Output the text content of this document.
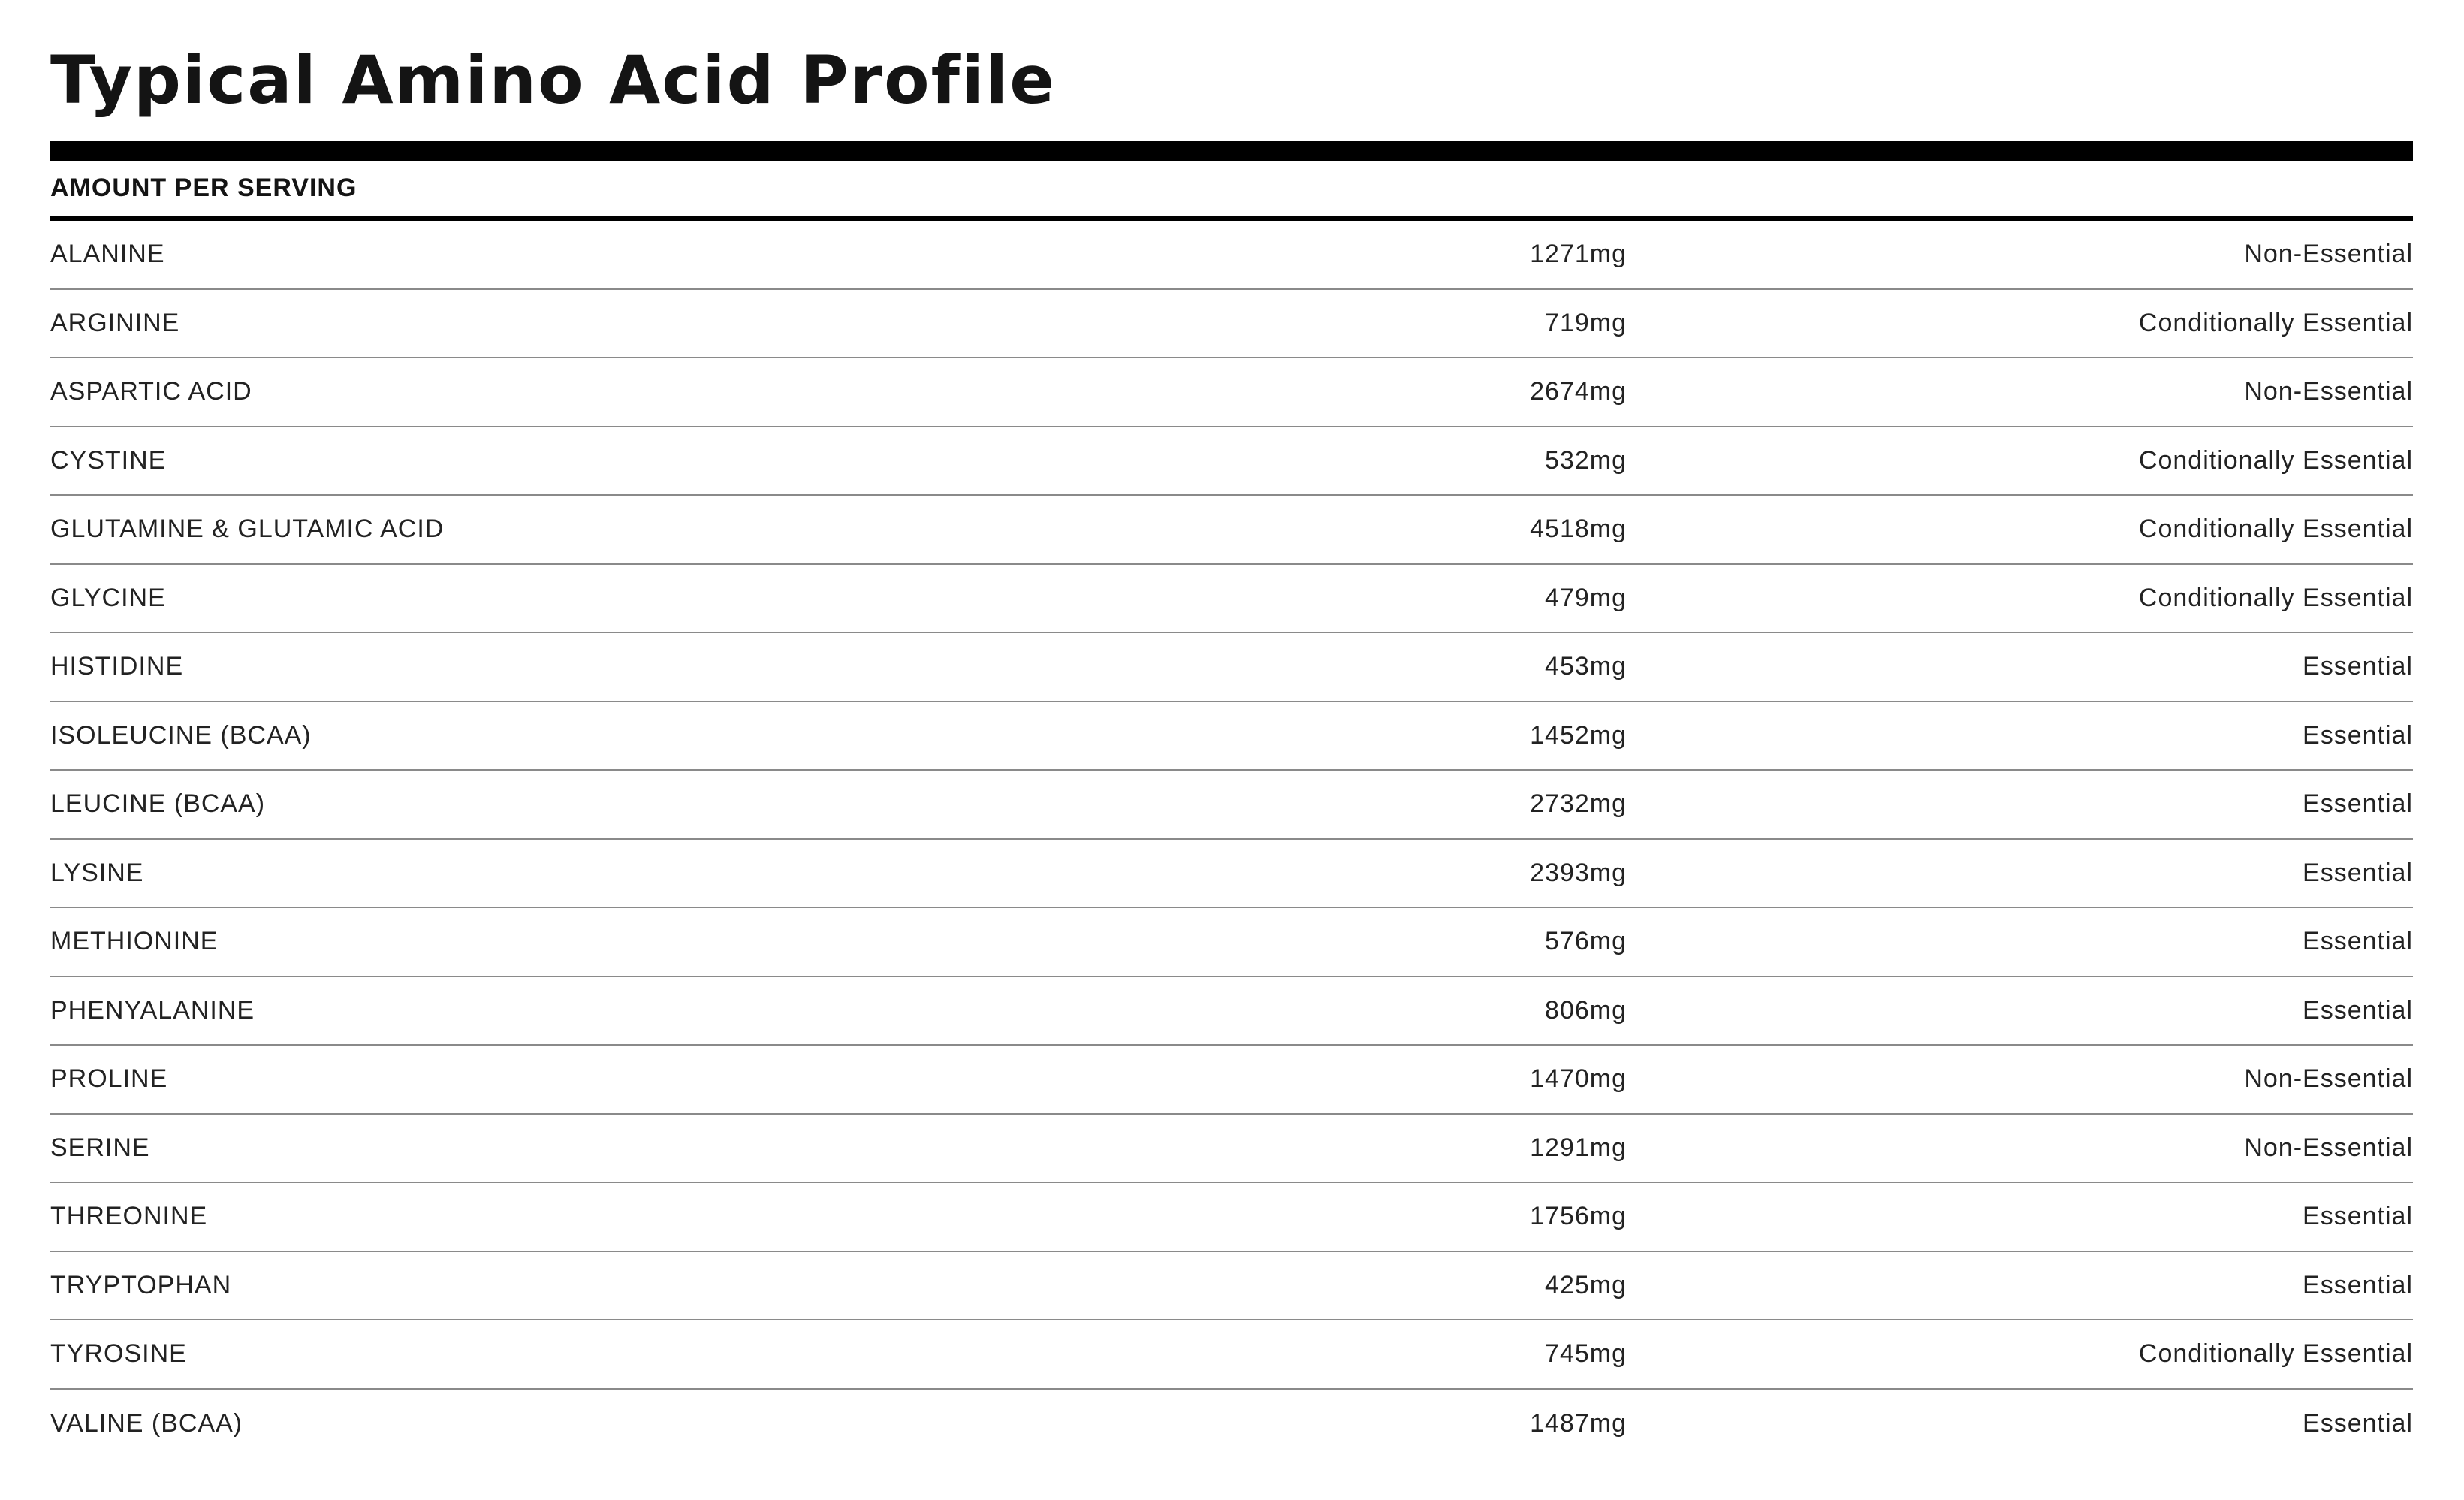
Typical Amino Acid Profile
AMOUNT PER SERVING
ALANINE	1271mg	Non-Essential
ARGININE	719mg	Conditionally Essential
ASPARTIC ACID	2674mg	Non-Essential
CYSTINE	532mg	Conditionally Essential
GLUTAMINE & GLUTAMIC ACID	4518mg	Conditionally Essential
GLYCINE	479mg	Conditionally Essential
HISTIDINE	453mg	Essential
ISOLEUCINE (BCAA)	1452mg	Essential
LEUCINE (BCAA)	2732mg	Essential
LYSINE	2393mg	Essential
METHIONINE	576mg	Essential
PHENYALANINE	806mg	Essential
PROLINE	1470mg	Non-Essential
SERINE	1291mg	Non-Essential
THREONINE	1756mg	Essential
TRYPTOPHAN	425mg	Essential
TYROSINE	745mg	Conditionally Essential
VALINE (BCAA)	1487mg	Essential
